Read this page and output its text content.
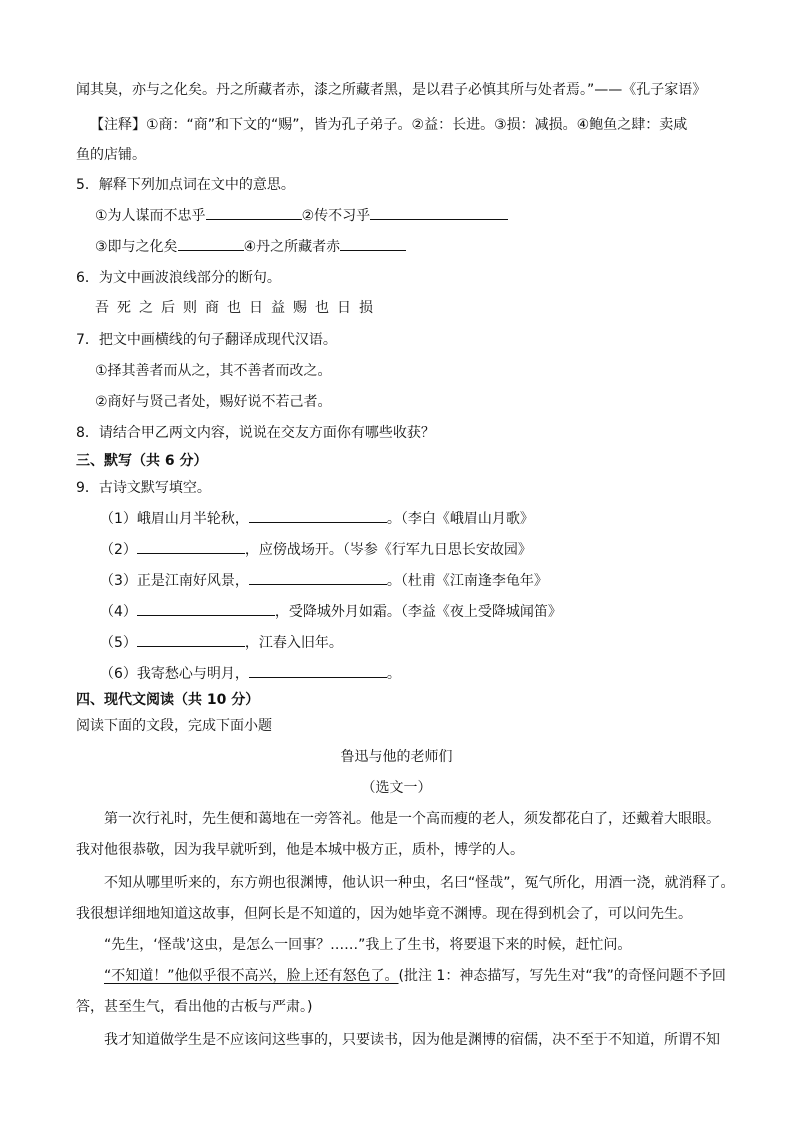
闻其臭，亦与之化矣。丹之所藏者赤，漆之所藏者黑，是以君子必慎其所与处者焉。”——《孔子家语》
【注释】①商：“商”和下文的“赐”，皆为孔子弟子。②益：长进。③损：减损。④鲍鱼之肆：卖咸
鱼的店铺。
5．解释下列加点词在文中的意思。
①为人谋而不忠乎	②传不习乎
③即与之化矣	④丹之所藏者赤
6．为文中画波浪线部分的断句。
吾死之后则商也日益赐也日损
7．把文中画横线的句子翻译成现代汉语。
①择其善者而从之，其不善者而改之。
②商好与贤己者处，赐好说不若己者。
8．请结合甲乙两文内容，说说在交友方面你有哪些收获？
三、默写（共 6 分）
9．古诗文默写填空。
（1）峨眉山月半轮秋，	。（李白《峨眉山月歌》
（2）	，应傍战场开。（岑参《行军九日思长安故园》
（3）正是江南好风景，	。（杜甫《江南逢李龟年》
（4）	，受降城外月如霜。（李益《夜上受降城闻笛》
（5）	，江春入旧年。
（6）我寄愁心与明月，	。
四、现代文阅读（共 10 分）
阅读下面的文段，完成下面小题
鲁迅与他的老师们
（选文一）
第一次行礼时，先生便和蔼地在一旁答礼。他是一个高而瘦的老人，须发都花白了，还戴着大眼眼。
我对他很恭敬，因为我早就听到，他是本城中极方正，质朴，博学的人。
不知从哪里听来的，东方朔也很渊博，他认识一种虫，名曰“怪哉”，冤气所化，用酒一浇，就消释了。
我很想详细地知道这故事，但阿长是不知道的，因为她毕竟不渊博。现在得到机会了，可以问先生。
“先生，‘怪哉’这虫，是怎么一回事？……”我上了生书，将要退下来的时候，赶忙问。
“不知道！”他似乎很不高兴，脸上还有怒色了。(批注 1：神态描写，写先生对“我”的奇怪问题不予回
答，甚至生气，看出他的古板与严肃。)
我才知道做学生是不应该问这些事的，只要读书，因为他是渊博的宿儒，决不至于不知道，所谓不知
